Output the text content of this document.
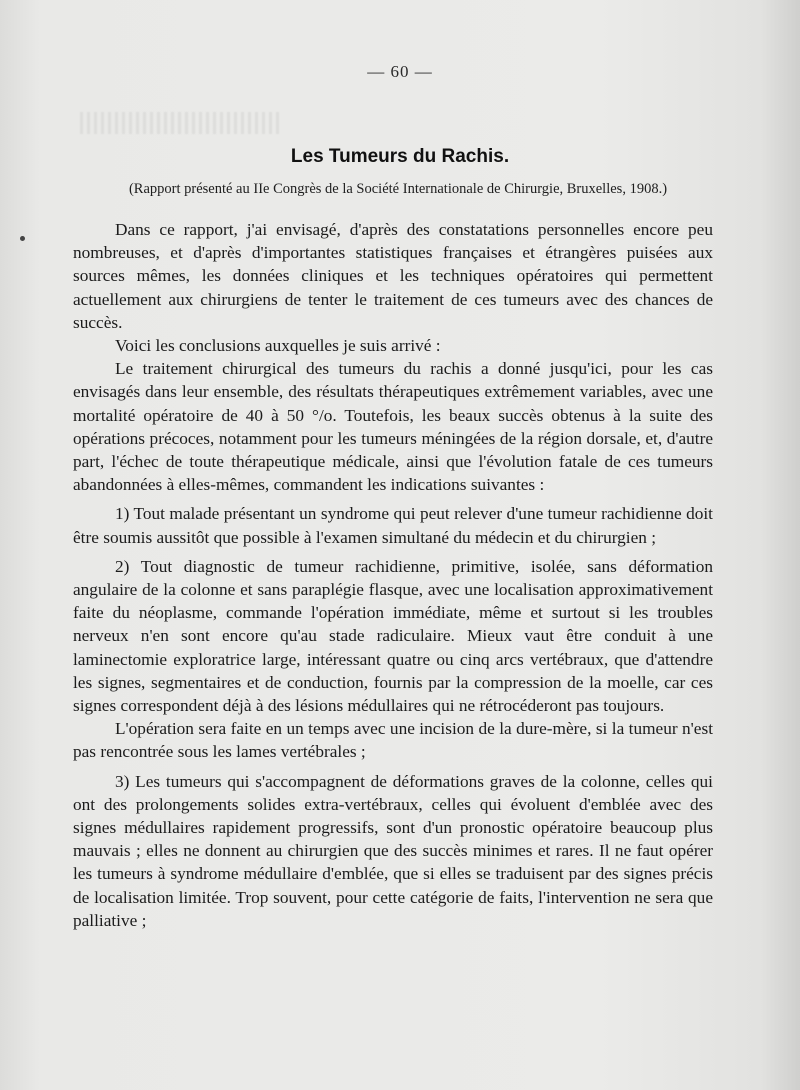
— 60 —
Les Tumeurs du Rachis.
(Rapport présenté au IIe Congrès de la Société Internationale de Chirurgie, Bruxelles, 1908.)

Dans ce rapport, j'ai envisagé, d'après des constatations personnelles encore peu nombreuses, et d'après d'importantes statistiques françaises et étrangères puisées aux sources mêmes, les données cliniques et les techniques opératoires qui permettent actuellement aux chirurgiens de tenter le traitement de ces tumeurs avec des chances de succès.

Voici les conclusions auxquelles je suis arrivé :

Le traitement chirurgical des tumeurs du rachis a donné jusqu'ici, pour les cas envisagés dans leur ensemble, des résultats thérapeutiques extrêmement variables, avec une mortalité opératoire de 40 à 50 °/o. Toutefois, les beaux succès obtenus à la suite des opérations précoces, notamment pour les tumeurs méningées de la région dorsale, et, d'autre part, l'échec de toute thérapeutique médicale, ainsi que l'évolution fatale de ces tumeurs abandonnées à elles-mêmes, commandent les indications suivantes :

1) Tout malade présentant un syndrome qui peut relever d'une tumeur rachidienne doit être soumis aussitôt que possible à l'examen simultané du médecin et du chirurgien ;

2) Tout diagnostic de tumeur rachidienne, primitive, isolée, sans déformation angulaire de la colonne et sans paraplégie flasque, avec une localisation approximativement faite du néoplasme, commande l'opération immédiate, même et surtout si les troubles nerveux n'en sont encore qu'au stade radiculaire. Mieux vaut être conduit à une laminectomie exploratrice large, intéressant quatre ou cinq arcs vertébraux, que d'attendre les signes, segmentaires et de conduction, fournis par la compression de la moelle, car ces signes correspondent déjà à des lésions médullaires qui ne rétrocéderont pas toujours.

L'opération sera faite en un temps avec une incision de la dure-mère, si la tumeur n'est pas rencontrée sous les lames vertébrales ;

3) Les tumeurs qui s'accompagnent de déformations graves de la colonne, celles qui ont des prolongements solides extra-vertébraux, celles qui évoluent d'emblée avec des signes médullaires rapidement progressifs, sont d'un pronostic opératoire beaucoup plus mauvais ; elles ne donnent au chirurgien que des succès minimes et rares. Il ne faut opérer les tumeurs à syndrome médullaire d'emblée, que si elles se traduisent par des signes précis de localisation limitée. Trop souvent, pour cette catégorie de faits, l'intervention ne sera que palliative ;
